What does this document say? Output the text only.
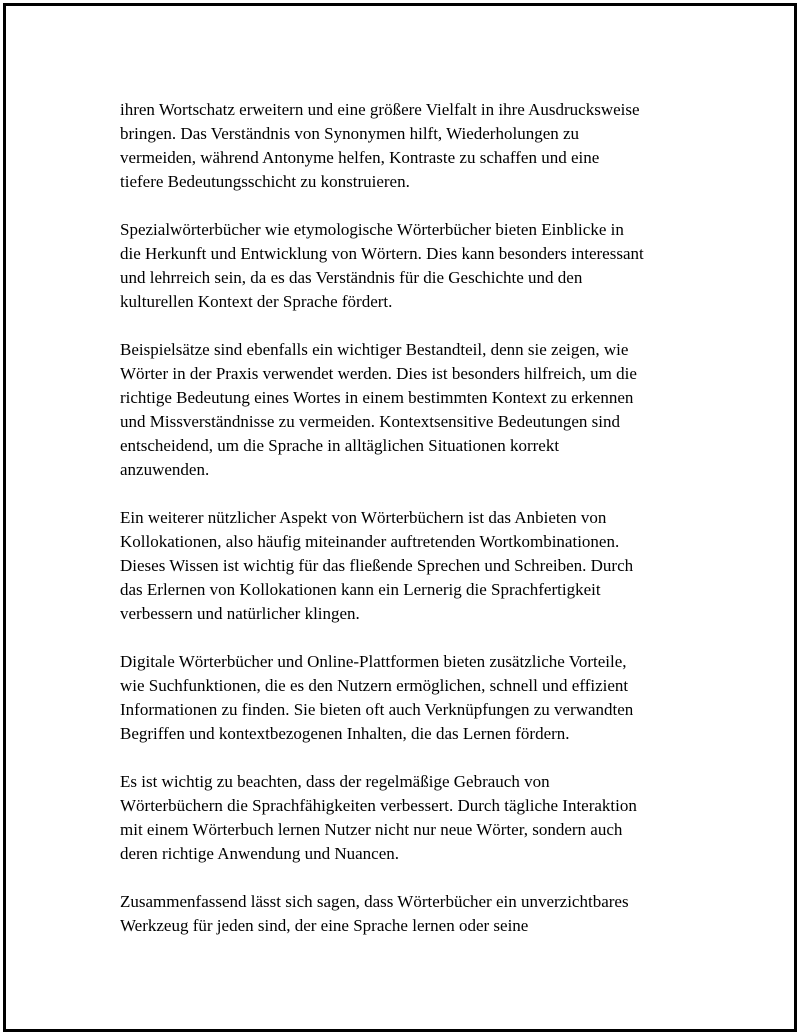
ihren Wortschatz erweitern und eine größere Vielfalt in ihre Ausdrucksweise
bringen. Das Verständnis von Synonymen hilft, Wiederholungen zu
vermeiden, während Antonyme helfen, Kontraste zu schaffen und eine
tiefere Bedeutungsschicht zu konstruieren.

Spezialwörterbücher wie etymologische Wörterbücher bieten Einblicke in
die Herkunft und Entwicklung von Wörtern. Dies kann besonders interessant
und lehrreich sein, da es das Verständnis für die Geschichte und den
kulturellen Kontext der Sprache fördert.

Beispielsätze sind ebenfalls ein wichtiger Bestandteil, denn sie zeigen, wie
Wörter in der Praxis verwendet werden. Dies ist besonders hilfreich, um die
richtige Bedeutung eines Wortes in einem bestimmten Kontext zu erkennen
und Missverständnisse zu vermeiden. Kontextsensitive Bedeutungen sind
entscheidend, um die Sprache in alltäglichen Situationen korrekt
anzuwenden.

Ein weiterer nützlicher Aspekt von Wörterbüchern ist das Anbieten von
Kollokationen, also häufig miteinander auftretenden Wortkombinationen.
Dieses Wissen ist wichtig für das fließende Sprechen und Schreiben. Durch
das Erlernen von Kollokationen kann ein Lernerig die Sprachfertigkeit
verbessern und natürlicher klingen.

Digitale Wörterbücher und Online-Plattformen bieten zusätzliche Vorteile,
wie Suchfunktionen, die es den Nutzern ermöglichen, schnell und effizient
Informationen zu finden. Sie bieten oft auch Verknüpfungen zu verwandten
Begriffen und kontextbezogenen Inhalten, die das Lernen fördern.

Es ist wichtig zu beachten, dass der regelmäßige Gebrauch von
Wörterbüchern die Sprachfähigkeiten verbessert. Durch tägliche Interaktion
mit einem Wörterbuch lernen Nutzer nicht nur neue Wörter, sondern auch
deren richtige Anwendung und Nuancen.

Zusammenfassend lässt sich sagen, dass Wörterbücher ein unverzichtbares
Werkzeug für jeden sind, der eine Sprache lernen oder seine
